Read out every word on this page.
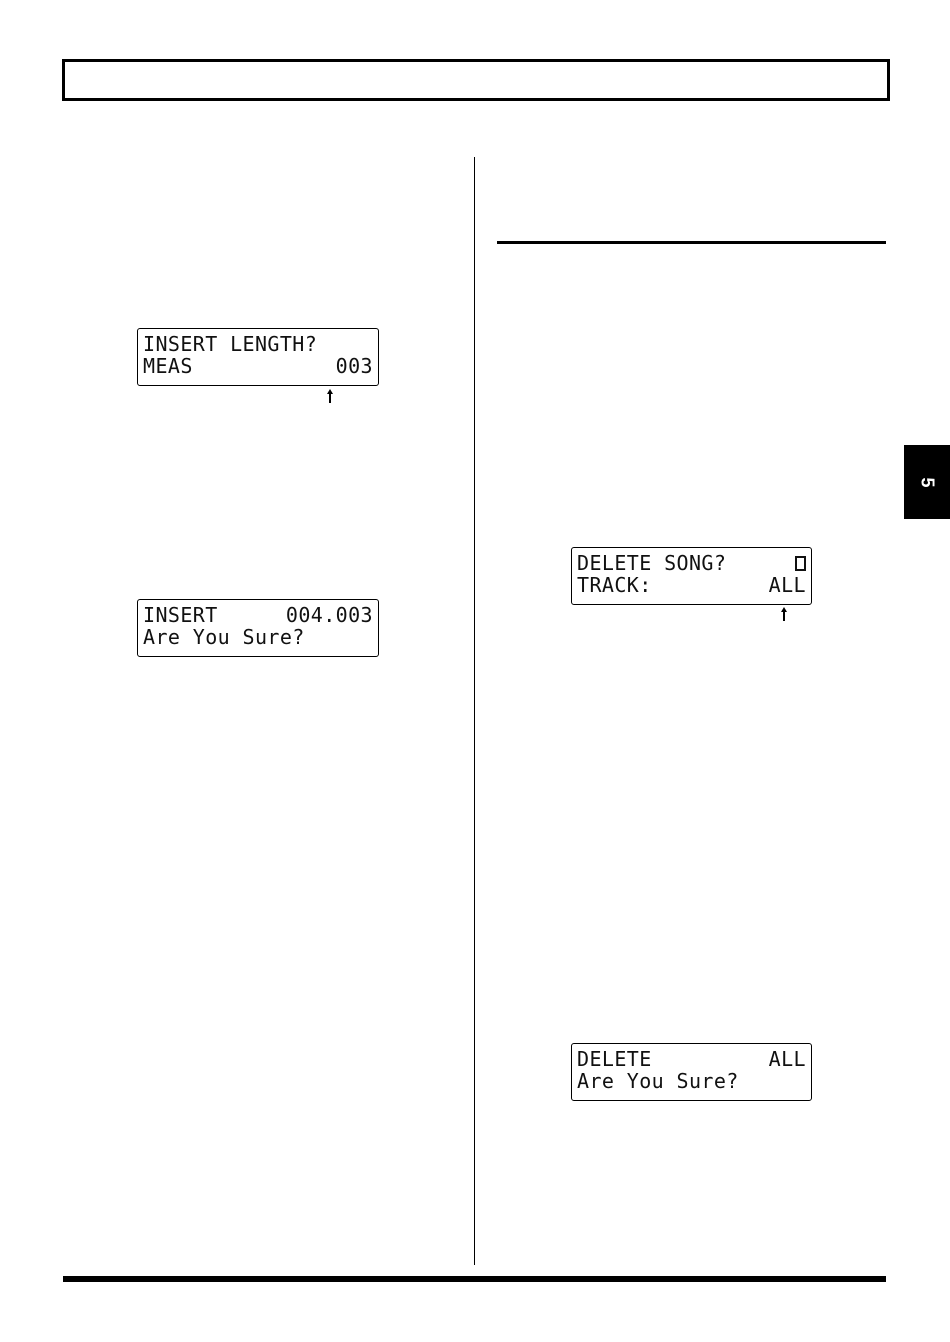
5
INSERT LENGTH?
MEAS	003
INSERT	004.003
Are You Sure?
DELETE SONG?
TRACK:	ALL
DELETE	ALL
Are You Sure?
